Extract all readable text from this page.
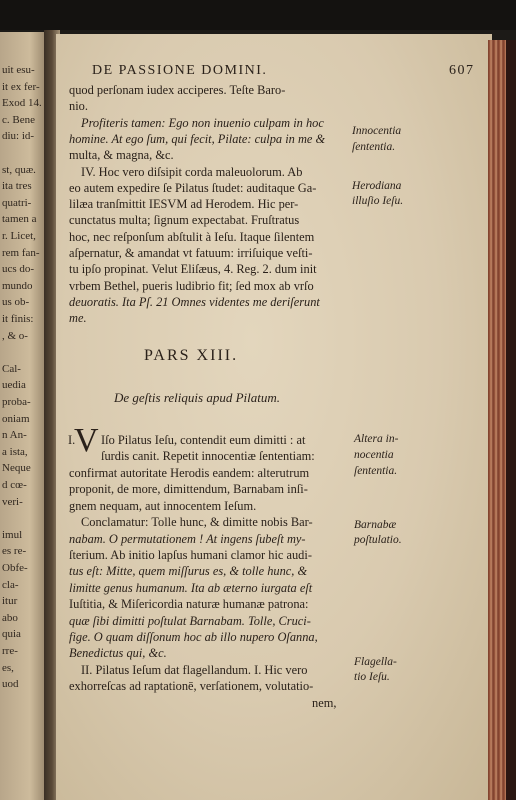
uit esu-
it ex fer-
Exod 14.
c. Bene
diu: id-
st, quæ.
ita tres
quatri-
tamen a
r. Licet,
rem fan-
ucs do-
mundo
us ob-
it finis:
, & o-
Cal-
uedia
proba-
oniam
n An-
a ista,
Neque
d cœ-
veri-
imul
es re-
Obfe-
cla-
itur
abo
quia
rre-
es,
uod
DE PASSIONE DOMINI.	607
quod perſonam iudex acciperes. Teſte Baro-
nio.
Profiteris tamen: Ego non inuenio culpam in hoc
homine. At ego ſum, qui fecit, Pilate: culpa in me &
multa, & magna, &c.
IV. Hoc vero diſsipit corda maleuolorum. Ab
eo autem expedire ſe Pilatus ſtudet: auditaque Ga-
lilæa tranſmittit IESVM ad Herodem. Hic per-
cunctatus multa; ſignum expectabat. Fruſtratus
hoc, nec reſponſum abſtulit à Ieſu. Itaque ſilentem
aſpernatur, & amandat vt fatuum: irriſuique veſti-
tu ipſo propinat. Velut Eliſæus, 4. Reg. 2. dum init
vrbem Bethel, pueris ludibrio fit; ſed mox ab vrſo
deuoratis. Ita Pſ. 21 Omnes videntes me deriſerunt
me.
Innocentia
ſententia.
Herodiana
illuſio Ieſu.
PARS XIII.
De geſtis reliquis apud Pilatum.
I.
V Iſo Pilatus Ieſu, contendit eum dimitti : at
ſurdis canit. Repetit innocentiæ ſententiam:
confirmat autoritate Herodis eandem: alterutrum
proponit, de more, dimittendum, Barnabam inſi-
gnem nequam, aut innocentem Ieſum.
Conclamatur: Tolle hunc, & dimitte nobis Bar-
nabam. O permutationem ! At ingens ſubeſt my-
ſterium. Ab initio lapſus humani clamor hic audi-
tus eſt: Mitte, quem miſſurus es, & tolle hunc, &
limitte genus humanum. Ita ab æterno iurgata eſt
Iuſtitia, & Miſericordia naturæ humanæ patrona:
quæ ſibi dimitti poſtulat Barnabam. Tolle, Cruci-
fige. O quam diſſonum hoc ab illo nupero Oſanna,
Benedictus qui, &c.
II. Pilatus Ieſum dat flagellandum. I. Hic vero
exhorreſcas ad raptationē, verſationem, volutatio-
nem,
Altera in-
nocentia
ſententia.
Barnabæ
poſtulatio.
Flagella-
tio Ieſu.
